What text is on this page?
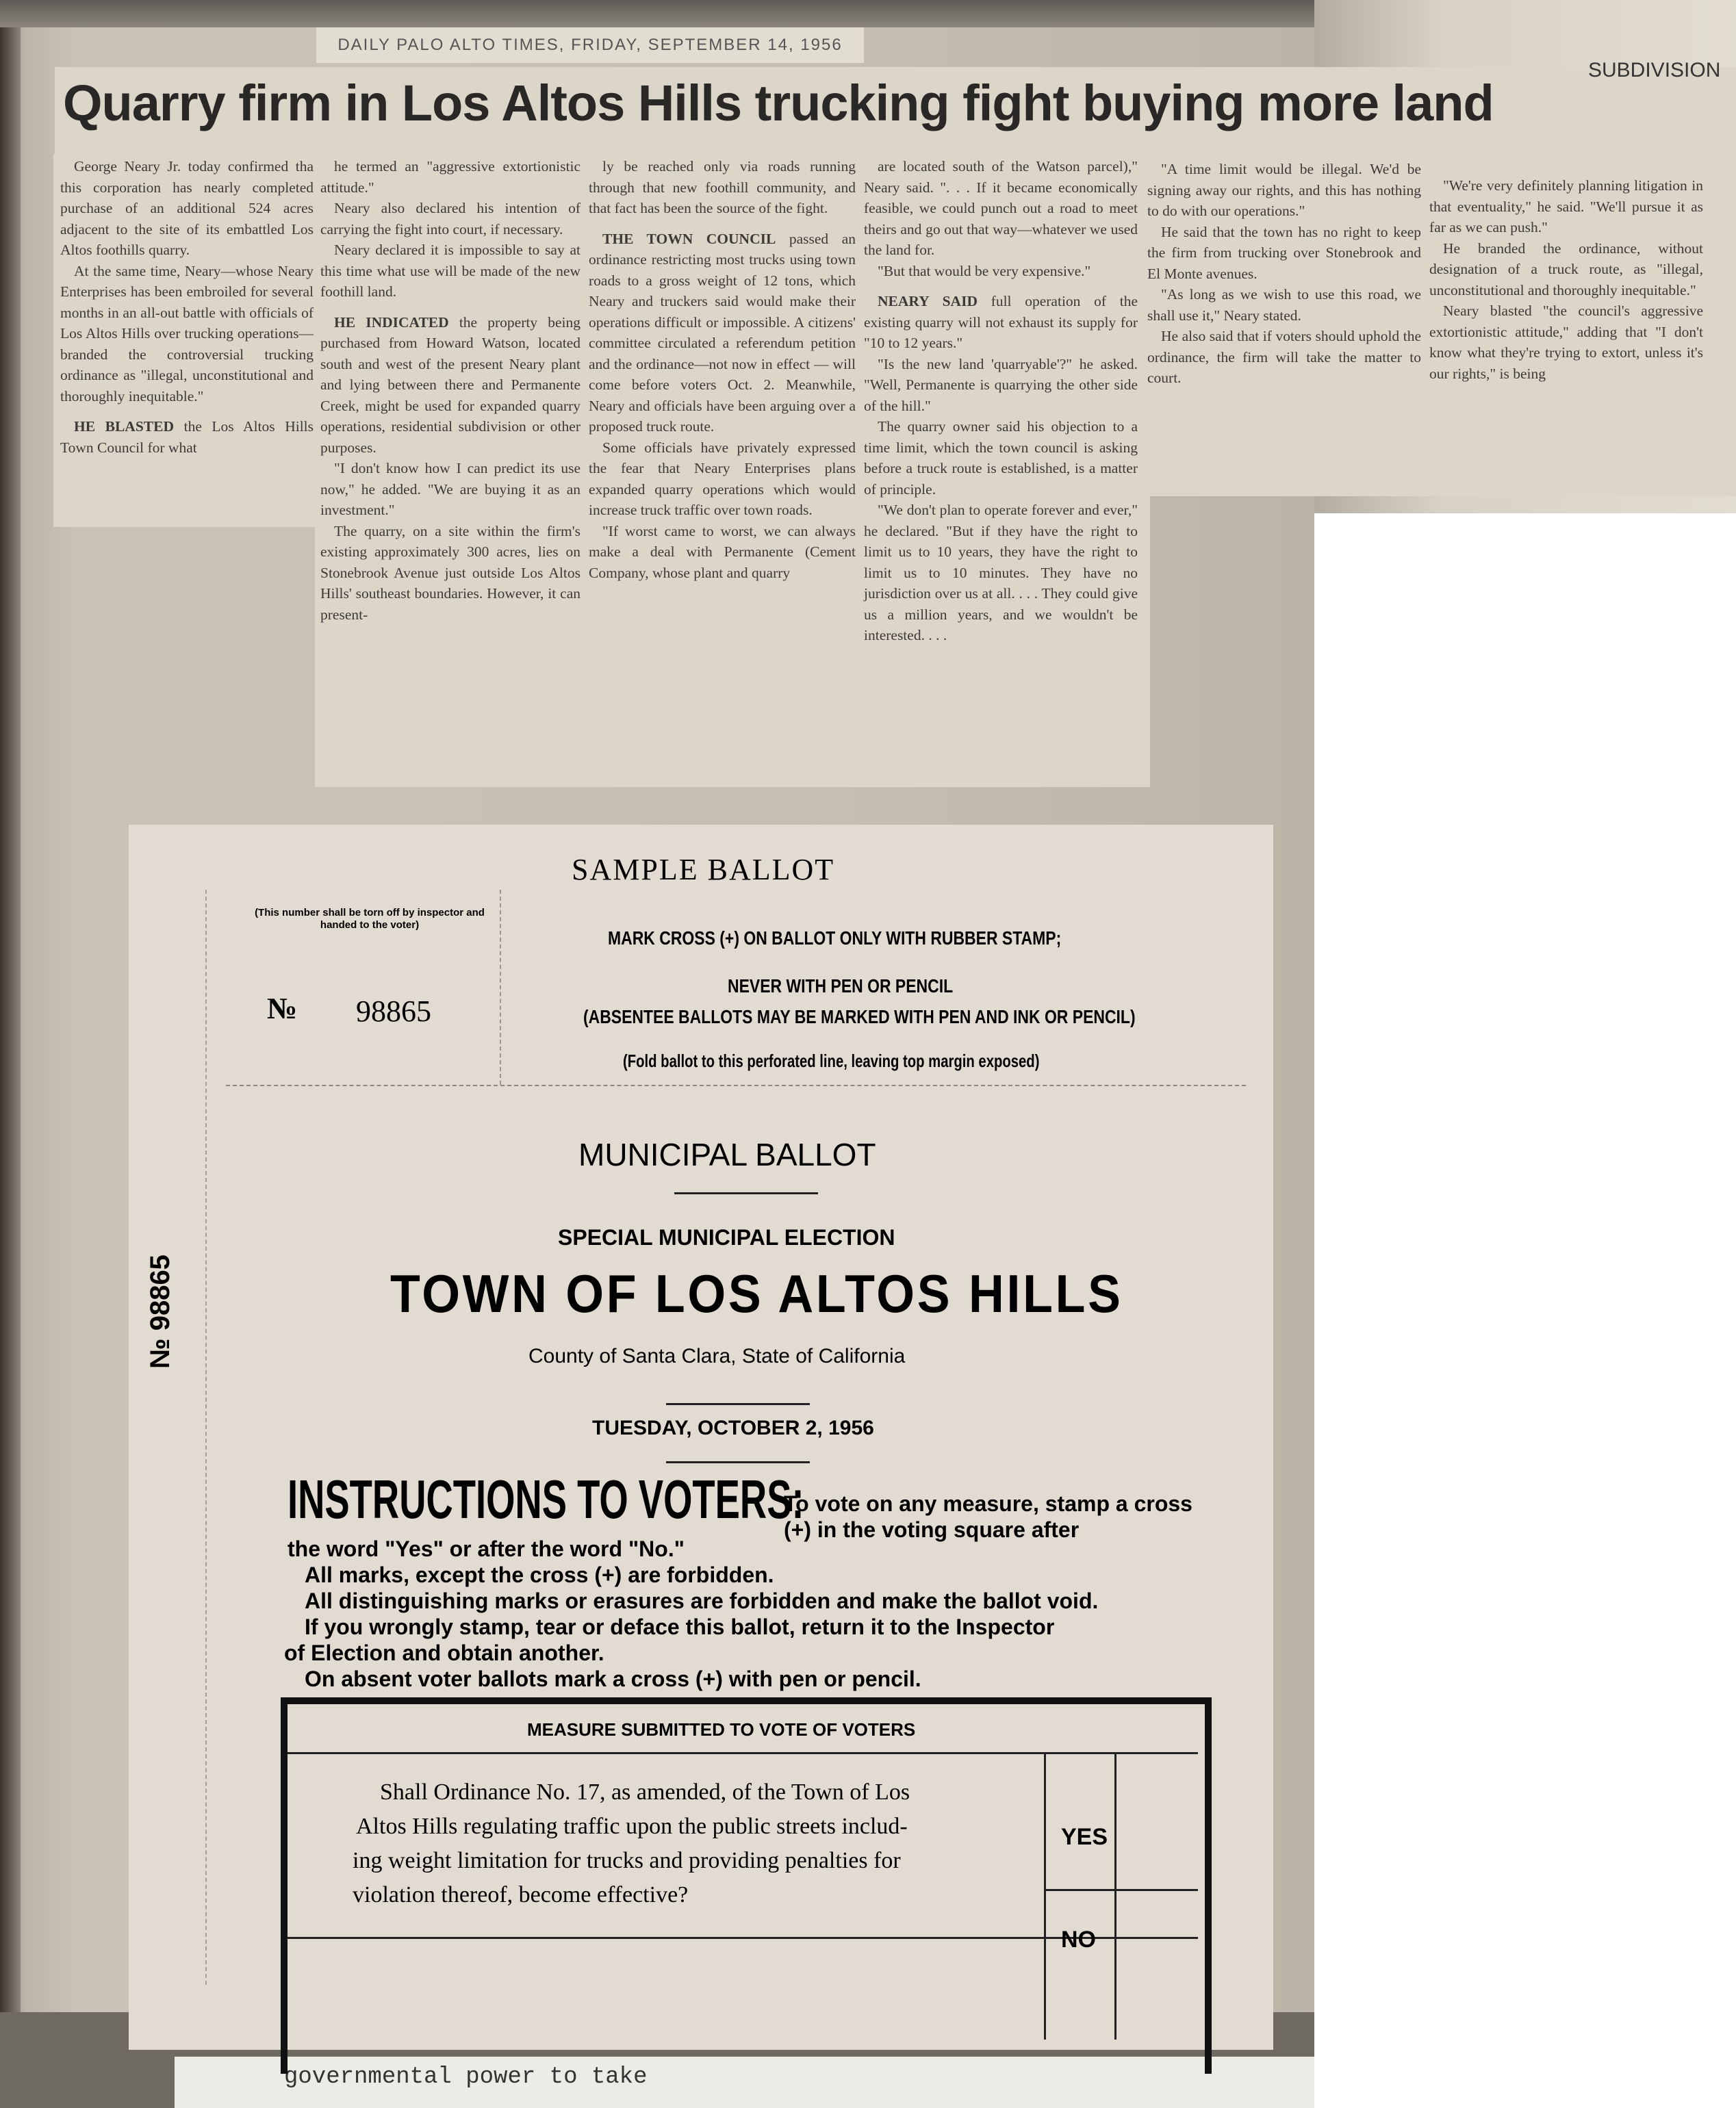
governmental power to take
DAILY PALO ALTO TIMES, FRIDAY, SEPTEMBER 14, 1956
Quarry firm in Los Altos Hills trucking fight buying more land
SUBDIVISION

George Neary Jr. today confirmed tha this corporation has nearly completed purchase of an additional 524 acres adjacent to the site of its embattled Los Altos foothills quarry.

At the same time, Neary—whose Neary Enterprises has been embroiled for several months in an all-out battle with officials of Los Altos Hills over trucking operations—branded the controversial trucking ordinance as "illegal, unconstitutional and thoroughly inequitable."

HE BLASTED the Los Altos Hills Town Council for what

he termed an "aggressive extortionistic attitude."

Neary also declared his intention of carrying the fight into court, if necessary.

Neary declared it is impossible to say at this time what use will be made of the new foothill land.

HE INDICATED the property being purchased from Howard Watson, located south and west of the present Neary plant and lying between there and Permanente Creek, might be used for expanded quarry operations, residential subdivision or other purposes.

"I don't know how I can predict its use now," he added. "We are buying it as an investment."

The quarry, on a site within the firm's existing approximately 300 acres, lies on Stonebrook Avenue just outside Los Altos Hills' southeast boundaries. However, it can present-

ly be reached only via roads running through that new foothill community, and that fact has been the source of the fight.

THE TOWN COUNCIL passed an ordinance restricting most trucks using town roads to a gross weight of 12 tons, which Neary and truckers said would make their operations difficult or impossible. A citizens' committee circulated a referendum petition and the ordinance—not now in effect — will come before voters Oct. 2. Meanwhile, Neary and officials have been arguing over a proposed truck route.

Some officials have privately expressed the fear that Neary Enterprises plans expanded quarry operations which would increase truck traffic over town roads.

"If worst came to worst, we can always make a deal with Permanente (Cement Company, whose plant and quarry

are located south of the Watson parcel)," Neary said. ". . . If it became economically feasible, we could punch out a road to meet theirs and go out that way—whatever we used the land for.

"But that would be very expensive."

NEARY SAID full operation of the existing quarry will not exhaust its supply for "10 to 12 years."

"Is the new land 'quarryable'?" he asked. "Well, Permanente is quarrying the other side of the hill."

The quarry owner said his objection to a time limit, which the town council is asking before a truck route is established, is a matter of principle.

"We don't plan to operate forever and ever," he declared. "But if they have the right to limit us to 10 years, they have the right to limit us to 10 minutes. They have no jurisdiction over us at all. . . . They could give us a million years, and we wouldn't be interested. . . .

"A time limit would be illegal. We'd be signing away our rights, and this has nothing to do with our operations."

He said that the town has no right to keep the firm from trucking over Stonebrook and El Monte avenues.

"As long as we wish to use this road, we shall use it," Neary stated.

He also said that if voters should uphold the ordinance, the firm will take the matter to court.

"We're very definitely planning litigation in that eventuality," he said. "We'll pursue it as far as we can push."

He branded the ordinance, without designation of a truck route, as "illegal, unconstitutional and thoroughly inequitable."

Neary blasted "the council's aggressive extortionistic attitude," adding that "I don't know what they're trying to extort, unless it's our rights," is being

SAMPLE BALLOT
(This number shall be torn off by inspector and handed to the voter)
№ 98865
MARK CROSS (+) ON BALLOT ONLY WITH RUBBER STAMP;
NEVER WITH PEN OR PENCIL
(ABSENTEE BALLOTS MAY BE MARKED WITH PEN AND INK OR PENCIL)
(Fold ballot to this perforated line, leaving top margin exposed)
№ 98865
MUNICIPAL BALLOT
SPECIAL MUNICIPAL ELECTION
TOWN OF LOS ALTOS HILLS
County of Santa Clara, State of California
TUESDAY, OCTOBER 2, 1956
INSTRUCTIONS TO VOTERS:
To vote on any measure, stamp a cross (+) in the voting square after
the word "Yes" or after the word "No."
All marks, except the cross (+) are forbidden.
All distinguishing marks or erasures are forbidden and make the ballot void.
If you wrongly stamp, tear or deface this ballot, return it to the Inspector
of Election and obtain another.
On absent voter ballots mark a cross (+) with pen or pencil.
MEASURE SUBMITTED TO VOTE OF VOTERS
Shall Ordinance No. 17, as amended, of the Town of Los
Altos Hills regulating traffic upon the public streets includ-
ing weight limitation for trucks and providing penalties for
violation thereof, become effective?
YES
NO
